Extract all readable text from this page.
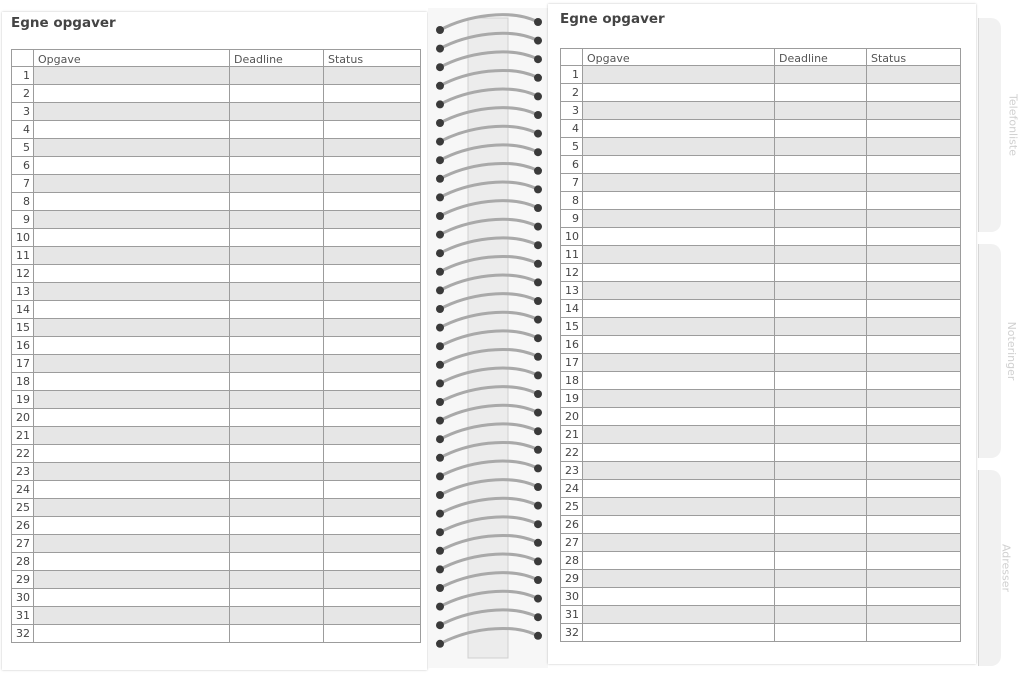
Egne opgaver
	Opgave	Deadline	Status
1			
2			
3			
4			
5			
6			
7			
8			
9			
10			
11			
12			
13			
14			
15			
16			
17			
18			
19			
20			
21			
22			
23			
24			
25			
26			
27			
28			
29			
30			
31			
32			
Egne opgaver
	Opgave	Deadline	Status
1			
2			
3			
4			
5			
6			
7			
8			
9			
10			
11			
12			
13			
14			
15			
16			
17			
18			
19			
20			
21			
22			
23			
24			
25			
26			
27			
28			
29			
30			
31			
32			
Telefonliste
Noteringer
Adresser
